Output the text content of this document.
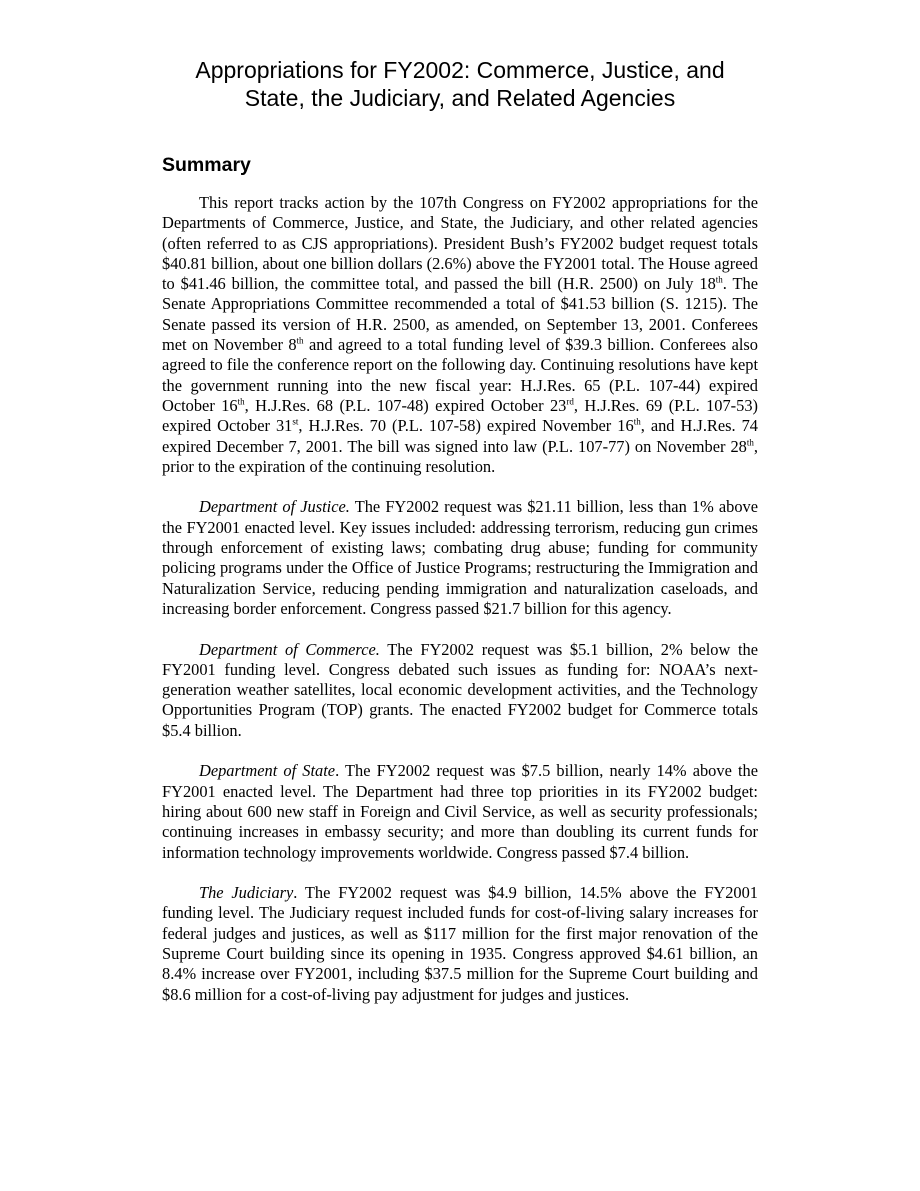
Appropriations for FY2002: Commerce, Justice, and
State, the Judiciary, and Related Agencies
Summary

This report tracks action by the 107th Congress on FY2002 appropriations for the Departments of Commerce, Justice, and State, the Judiciary, and other related agencies (often referred to as CJS appropriations). President Bush’s FY2002 budget request totals $40.81 billion, about one billion dollars (2.6%) above the FY2001 total. The House agreed to $41.46 billion, the committee total, and passed the bill (H.R. 2500) on July 18th. The Senate Appropriations Committee recommended a total of $41.53 billion (S. 1215). The Senate passed its version of H.R. 2500, as amended, on September 13, 2001. Conferees met on November 8th and agreed to a total funding level of $39.3 billion. Conferees also agreed to file the conference report on the following day. Continuing resolutions have kept the government running into the new fiscal year: H.J.Res. 65 (P.L. 107-44) expired October 16th, H.J.Res. 68 (P.L. 107-48) expired October 23rd, H.J.Res. 69 (P.L. 107-53) expired October 31st, H.J.Res. 70 (P.L. 107-58) expired November 16th, and H.J.Res. 74 expired December 7, 2001. The bill was signed into law (P.L. 107-77) on November 28th, prior to the expiration of the continuing resolution.

Department of Justice. The FY2002 request was $21.11 billion, less than 1% above the FY2001 enacted level. Key issues included: addressing terrorism, reducing gun crimes through enforcement of existing laws; combating drug abuse; funding for community policing programs under the Office of Justice Programs; restructuring the Immigration and Naturalization Service, reducing pending immigration and naturalization caseloads, and increasing border enforcement. Congress passed $21.7 billion for this agency.

Department of Commerce. The FY2002 request was $5.1 billion, 2% below the FY2001 funding level. Congress debated such issues as funding for: NOAA’s next-generation weather satellites, local economic development activities, and the Technology Opportunities Program (TOP) grants. The enacted FY2002 budget for Commerce totals $5.4 billion.

Department of State. The FY2002 request was $7.5 billion, nearly 14% above the FY2001 enacted level. The Department had three top priorities in its FY2002 budget: hiring about 600 new staff in Foreign and Civil Service, as well as security professionals; continuing increases in embassy security; and more than doubling its current funds for information technology improvements worldwide. Congress passed $7.4 billion.

The Judiciary. The FY2002 request was $4.9 billion, 14.5% above the FY2001 funding level. The Judiciary request included funds for cost-of-living salary increases for federal judges and justices, as well as $117 million for the first major renovation of the Supreme Court building since its opening in 1935. Congress approved $4.61 billion, an 8.4% increase over FY2001, including $37.5 million for the Supreme Court building and $8.6 million for a cost-of-living pay adjustment for judges and justices.
